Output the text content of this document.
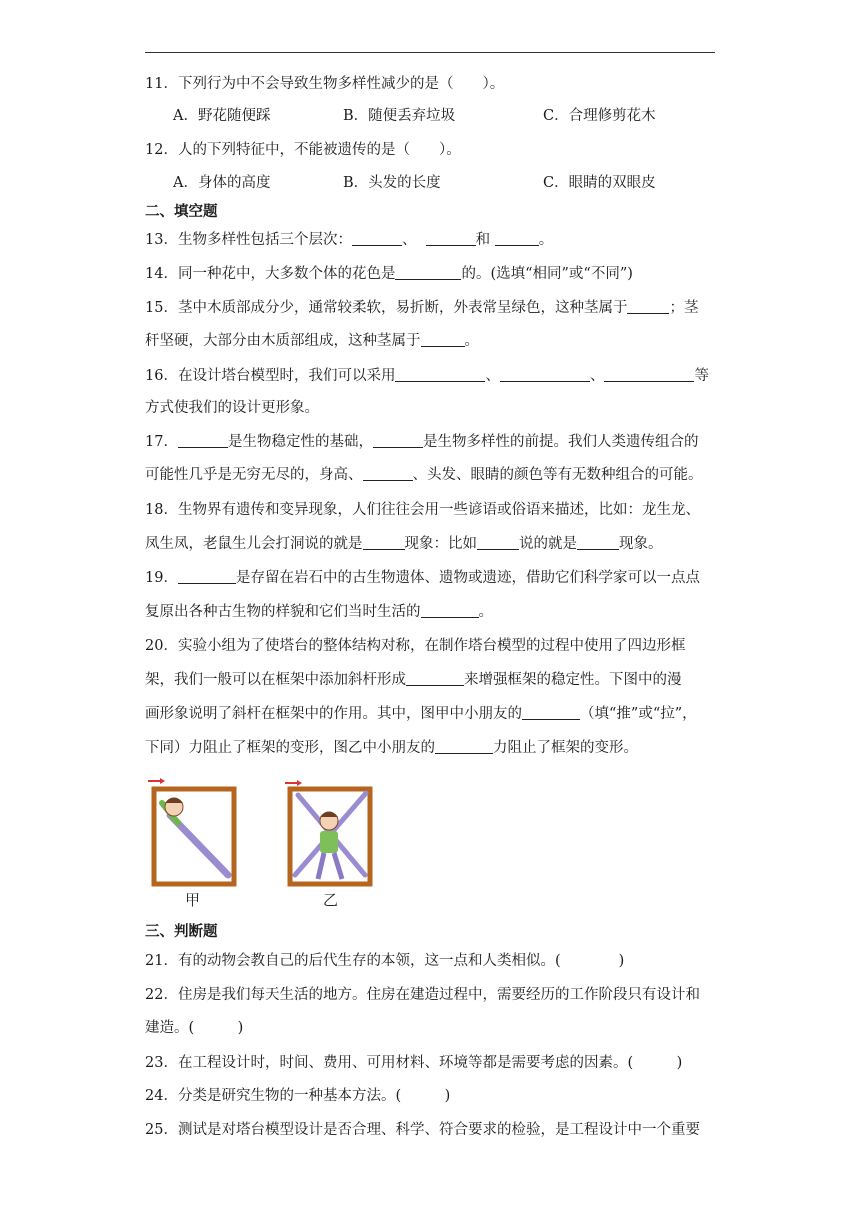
11．下列行为中不会导致生物多样性减少的是（　　）。
A．野花随便踩	B．随便丢弃垃圾	C．合理修剪花木
12．人的下列特征中，不能被遗传的是（　　）。
A．身体的高度	B．头发的长度	C．眼睛的双眼皮
二、填空题
13．生物多样性包括三个层次：	、	和	。
14．同一种花中，大多数个体的花色是	的。(选填“相同”或“不同”)
15．茎中木质部成分少，通常较柔软，易折断，外表常呈绿色，这种茎属于	；茎
秆坚硬，大部分由木质部组成，这种茎属于	。
16．在设计塔台模型时，我们可以采用	、	、	等
方式使我们的设计更形象。
17．	是生物稳定性的基础，	是生物多样性的前提。我们人类遗传组合的
可能性几乎是无穷无尽的，身高、	、头发、眼睛的颜色等有无数种组合的可能。
18．生物界有遗传和变异现象，人们往往会用一些谚语或俗语来描述，比如：龙生龙、
凤生凤，老鼠生儿会打洞说的就是	现象：比如	说的就是	现象。
19．	是存留在岩石中的古生物遗体、遗物或遗迹，借助它们科学家可以一点点
复原出各种古生物的样貌和它们当时生活的	。
20．实验小组为了使塔台的整体结构对称，在制作塔台模型的过程中使用了四边形框
架，我们一般可以在框架中添加斜杆形成	来增强框架的稳定性。下图中的漫
画形象说明了斜杆在框架中的作用。其中，图甲中小朋友的	（填“推”或“拉”，
下同）力阻止了框架的变形，图乙中小朋友的	力阻止了框架的变形。
甲	乙
三、判断题
21．有的动物会教自己的后代生存的本领，这一点和人类相似。(　　　　)
22．住房是我们每天生活的地方。住房在建造过程中，需要经历的工作阶段只有设计和
建造。(　　　)
23．在工程设计时，时间、费用、可用材料、环境等都是需要考虑的因素。(　　　)
24．分类是研究生物的一种基本方法。(　　　)
25．测试是对塔台模型设计是否合理、科学、符合要求的检验，是工程设计中一个重要
